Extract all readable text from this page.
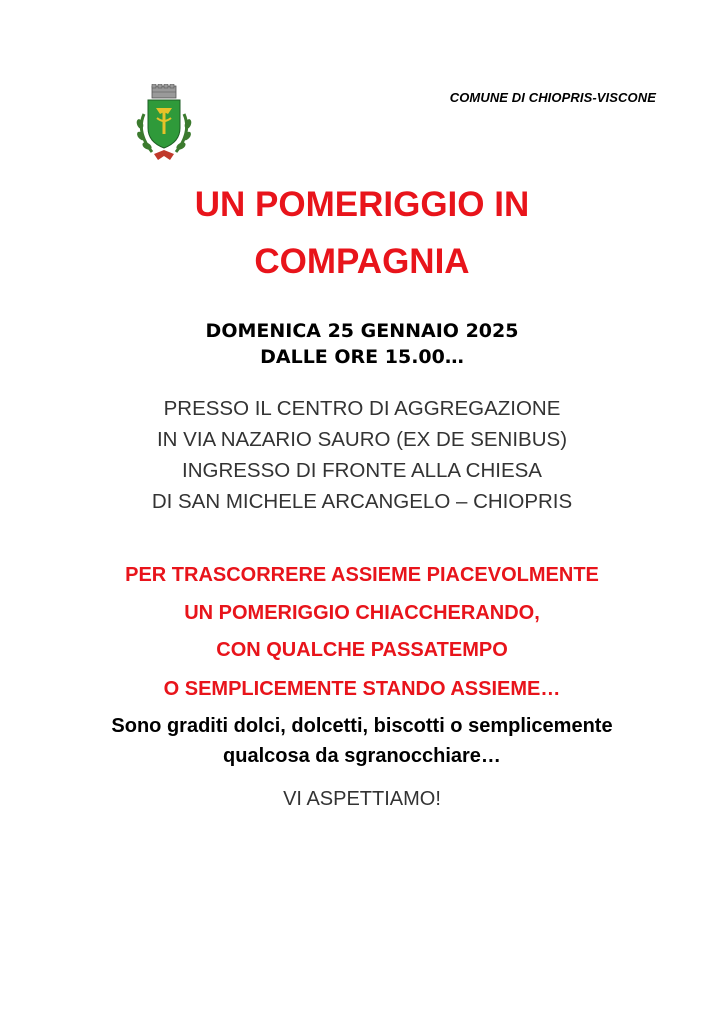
COMUNE DI CHIOPRIS-VISCONE
UN POMERIGGIO IN
COMPAGNIA
DOMENICA 25 GENNAIO 2025
DALLE ORE 15.00…
PRESSO IL CENTRO DI AGGREGAZIONE
IN VIA NAZARIO SAURO (EX DE SENIBUS)
INGRESSO DI FRONTE ALLA CHIESA
DI SAN MICHELE ARCANGELO – CHIOPRIS
PER TRASCORRERE ASSIEME PIACEVOLMENTE
UN POMERIGGIO CHIACCHERANDO,
CON QUALCHE PASSATEMPO
O SEMPLICEMENTE STANDO ASSIEME…
Sono graditi dolci, dolcetti, biscotti o semplicemente
qualcosa da sgranocchiare…
VI ASPETTIAMO!
